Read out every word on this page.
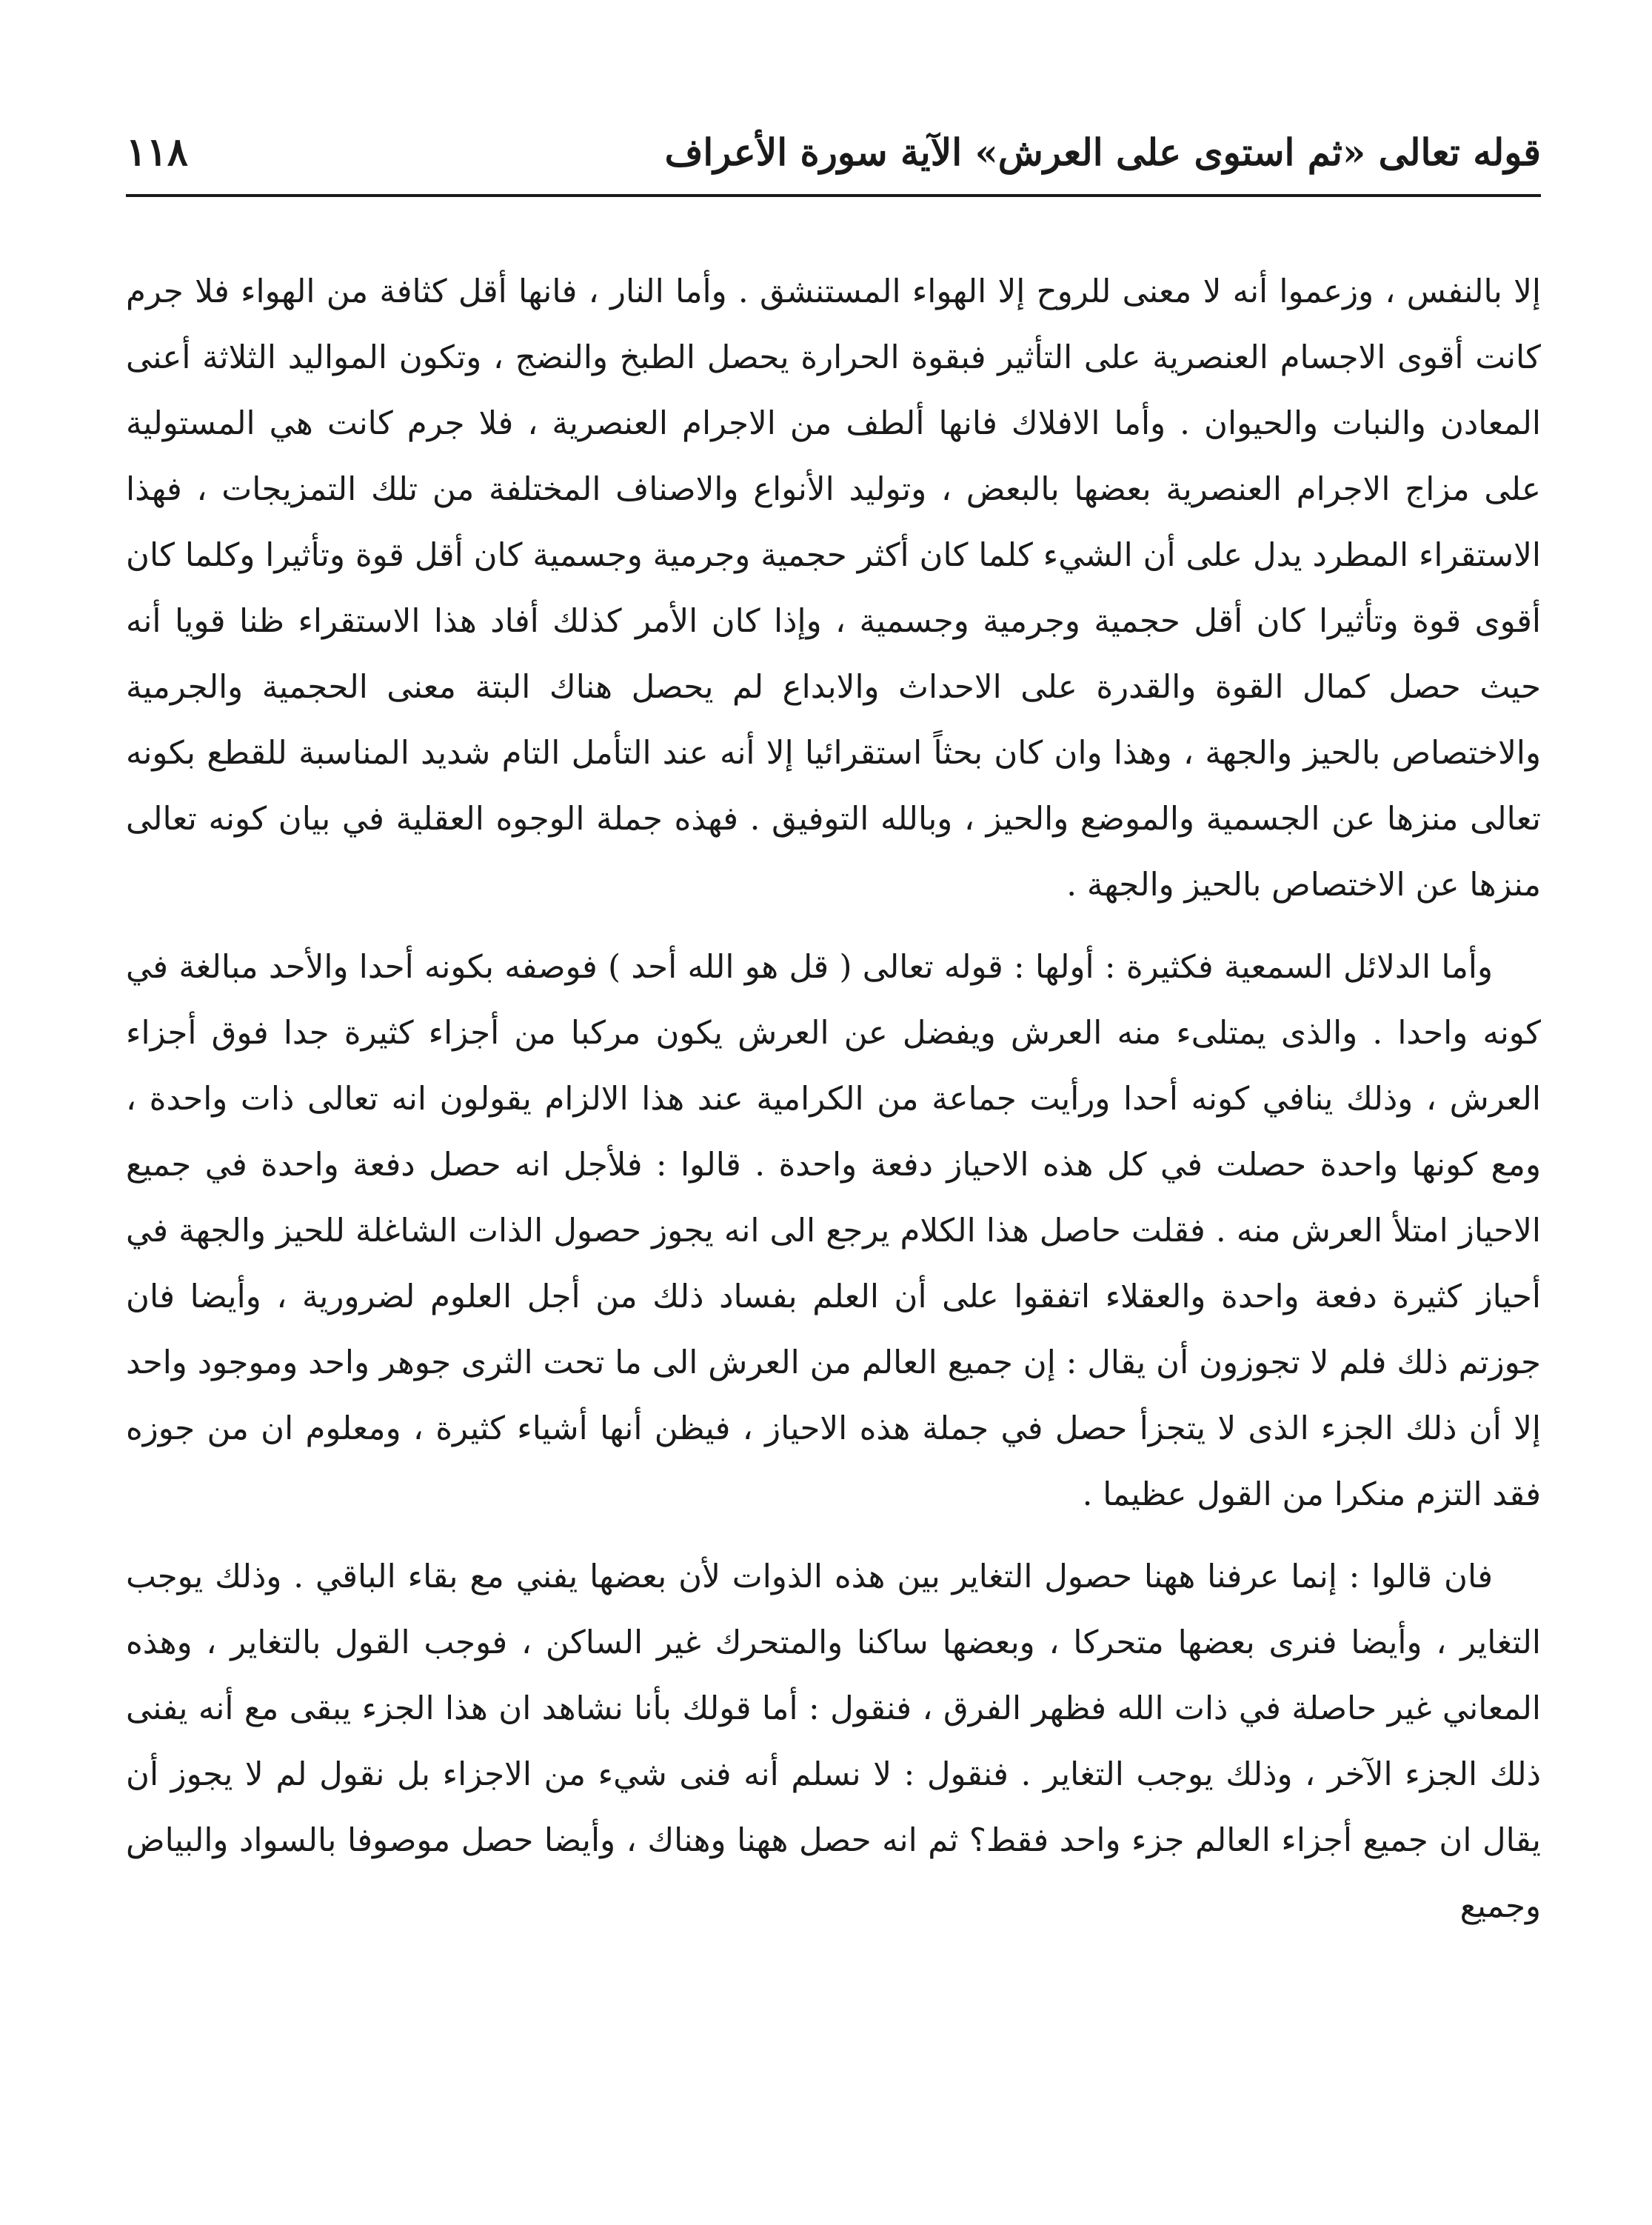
١١٨	قوله تعالى «ثم استوى على العرش» الآية سورة الأعراف

إلا بالنفس ، وزعموا أنه لا معنى للروح إلا الهواء المستنشق . وأما النار ، فانها أقل كثافة من الهواء فلا جرم كانت أقوى الاجسام العنصرية على التأثير فبقوة الحرارة يحصل الطبخ والنضج ، وتكون المواليد الثلاثة أعنى المعادن والنبات والحيوان . وأما الافلاك فانها ألطف من الاجرام العنصرية ، فلا جرم كانت هي المستولية على مزاج الاجرام العنصرية بعضها بالبعض ، وتوليد الأنواع والاصناف المختلفة من تلك التمزيجات ، فهذا الاستقراء المطرد يدل على أن الشيء كلما كان أكثر حجمية وجرمية وجسمية كان أقل قوة وتأثيرا وكلما كان أقوى قوة وتأثيرا كان أقل حجمية وجرمية وجسمية ، وإذا كان الأمر كذلك أفاد هذا الاستقراء ظنا قويا أنه حيث حصل كمال القوة والقدرة على الاحداث والابداع لم يحصل هناك البتة معنى الحجمية والجرمية والاختصاص بالحيز والجهة ، وهذا وان كان بحثاً استقرائيا إلا أنه عند التأمل التام شديد المناسبة للقطع بكونه تعالى منزها عن الجسمية والموضع والحيز ، وبالله التوفيق . فهذه جملة الوجوه العقلية في بيان كونه تعالى منزها عن الاختصاص بالحيز والجهة .

وأما الدلائل السمعية فكثيرة : أولها : قوله تعالى ( قل هو الله أحد ) فوصفه بكونه أحدا والأحد مبالغة في كونه واحدا . والذى يمتلىء منه العرش ويفضل عن العرش يكون مركبا من أجزاء كثيرة جدا فوق أجزاء العرش ، وذلك ينافي كونه أحدا ورأيت جماعة من الكرامية عند هذا الالزام يقولون انه تعالى ذات واحدة ، ومع كونها واحدة حصلت في كل هذه الاحياز دفعة واحدة . قالوا : فلأجل انه حصل دفعة واحدة في جميع الاحياز امتلأ العرش منه . فقلت حاصل هذا الكلام يرجع الى انه يجوز حصول الذات الشاغلة للحيز والجهة في أحياز كثيرة دفعة واحدة والعقلاء اتفقوا على أن العلم بفساد ذلك من أجل العلوم لضرورية ، وأيضا فان جوزتم ذلك فلم لا تجوزون أن يقال : إن جميع العالم من العرش الى ما تحت الثرى جوهر واحد وموجود واحد إلا أن ذلك الجزء الذى لا يتجزأ حصل في جملة هذه الاحياز ، فيظن أنها أشياء كثيرة ، ومعلوم ان من جوزه فقد التزم منكرا من القول عظيما .

فان قالوا : إنما عرفنا ههنا حصول التغاير بين هذه الذوات لأن بعضها يفني مع بقاء الباقي . وذلك يوجب التغاير ، وأيضا فنرى بعضها متحركا ، وبعضها ساكنا والمتحرك غير الساكن ، فوجب القول بالتغاير ، وهذه المعاني غير حاصلة في ذات الله فظهر الفرق ، فنقول : أما قولك بأنا نشاهد ان هذا الجزء يبقى مع أنه يفنى ذلك الجزء الآخر ، وذلك يوجب التغاير . فنقول : لا نسلم أنه فنى شيء من الاجزاء بل نقول لم لا يجوز أن يقال ان جميع أجزاء العالم جزء واحد فقط؟ ثم انه حصل ههنا وهناك ، وأيضا حصل موصوفا بالسواد والبياض وجميع
